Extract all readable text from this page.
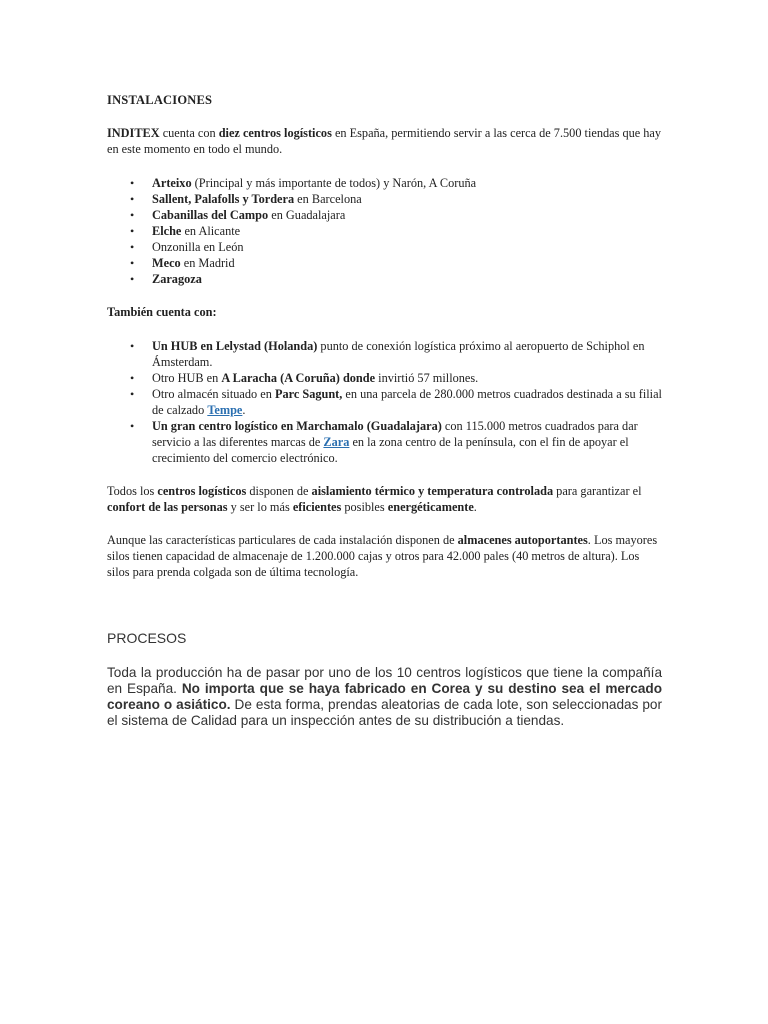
INSTALACIONES

INDITEX cuenta con diez centros logísticos en España, permitiendo servir a las cerca de 7.500 tiendas que hay en este momento en todo el mundo.

• Arteixo (Principal y más importante de todos) y Narón, A Coruña
• Sallent, Palafolls y Tordera en Barcelona
• Cabanillas del Campo en Guadalajara
• Elche en Alicante
• Onzonilla en León
• Meco en Madrid
• Zaragoza

También cuenta con:

• Un HUB en Lelystad (Holanda) punto de conexión logística próximo al aeropuerto de Schiphol en Ámsterdam.
• Otro HUB en A Laracha (A Coruña) donde invirtió 57 millones.
• Otro almacén situado en Parc Sagunt, en una parcela de 280.000 metros cuadrados destinada a su filial de calzado Tempe.
• Un gran centro logístico en Marchamalo (Guadalajara) con 115.000 metros cuadrados para dar servicio a las diferentes marcas de Zara en la zona centro de la península, con el fin de apoyar el crecimiento del comercio electrónico.

Todos los centros logísticos disponen de aislamiento térmico y temperatura controlada para garantizar el confort de las personas y ser lo más eficientes posibles energéticamente.

Aunque las características particulares de cada instalación disponen de almacenes autoportantes. Los mayores silos tienen capacidad de almacenaje de 1.200.000 cajas y otros para 42.000 pales (40 metros de altura). Los silos para prenda colgada son de última tecnología.

PROCESOS

Toda la producción ha de pasar por uno de los 10 centros logísticos que tiene la compañía en España. No importa que se haya fabricado en Corea y su destino sea el mercado coreano o asiático. De esta forma, prendas aleatorias de cada lote, son seleccionadas por el sistema de Calidad para un inspección antes de su distribución a tiendas.
